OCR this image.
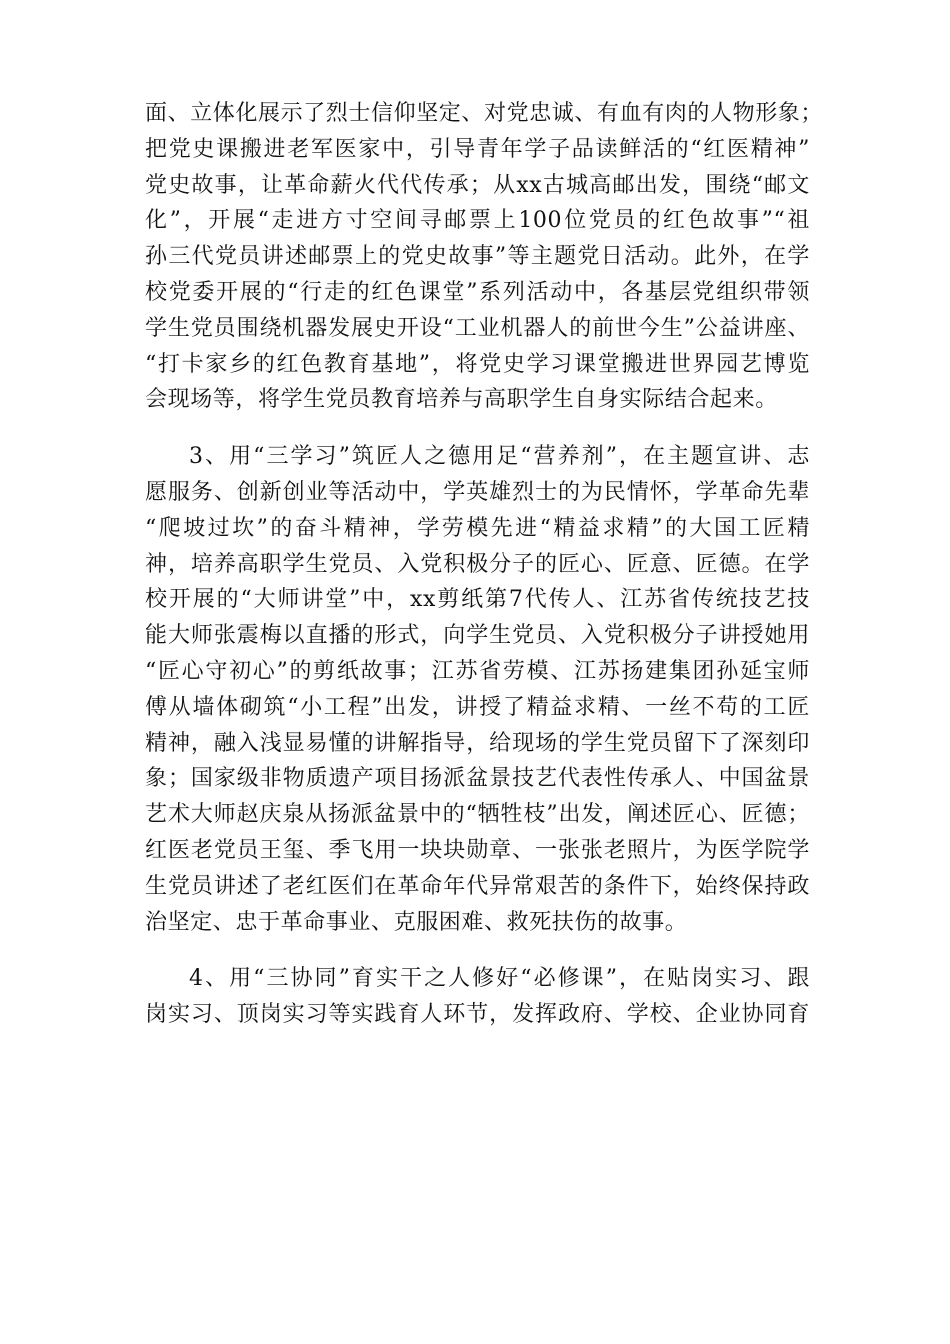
面、立体化展示了烈士信仰坚定、对党忠诚、有血有肉的人物形象；
把党史课搬进老军医家中，引导青年学子品读鲜活的“红医精神”
党史故事，让革命薪火代代传承；从xx古城高邮出发，围绕“邮文
化”，开展“走进方寸空间寻邮票上100位党员的红色故事”“祖
孙三代党员讲述邮票上的党史故事”等主题党日活动。此外，在学
校党委开展的“行走的红色课堂”系列活动中，各基层党组织带领
学生党员围绕机器发展史开设“工业机器人的前世今生”公益讲座、
“打卡家乡的红色教育基地”，将党史学习课堂搬进世界园艺博览
会现场等，将学生党员教育培养与高职学生自身实际结合起来。

3、用“三学习”筑匠人之德用足“营养剂”，在主题宣讲、志
愿服务、创新创业等活动中，学英雄烈士的为民情怀，学革命先辈
“爬坡过坎”的奋斗精神，学劳模先进“精益求精”的大国工匠精
神，培养高职学生党员、入党积极分子的匠心、匠意、匠德。在学
校开展的“大师讲堂”中，xx剪纸第7代传人、江苏省传统技艺技
能大师张震梅以直播的形式，向学生党员、入党积极分子讲授她用
“匠心守初心”的剪纸故事；江苏省劳模、江苏扬建集团孙延宝师
傅从墙体砌筑“小工程”出发，讲授了精益求精、一丝不苟的工匠
精神，融入浅显易懂的讲解指导，给现场的学生党员留下了深刻印
象；国家级非物质遗产项目扬派盆景技艺代表性传承人、中国盆景
艺术大师赵庆泉从扬派盆景中的“牺牲枝”出发，阐述匠心、匠德；
红医老党员王玺、季飞用一块块勋章、一张张老照片，为医学院学
生党员讲述了老红医们在革命年代异常艰苦的条件下，始终保持政
治坚定、忠于革命事业、克服困难、救死扶伤的故事。

4、用“三协同”育实干之人修好“必修课”，在贴岗实习、跟
岗实习、顶岗实习等实践育人环节，发挥政府、学校、企业协同育
